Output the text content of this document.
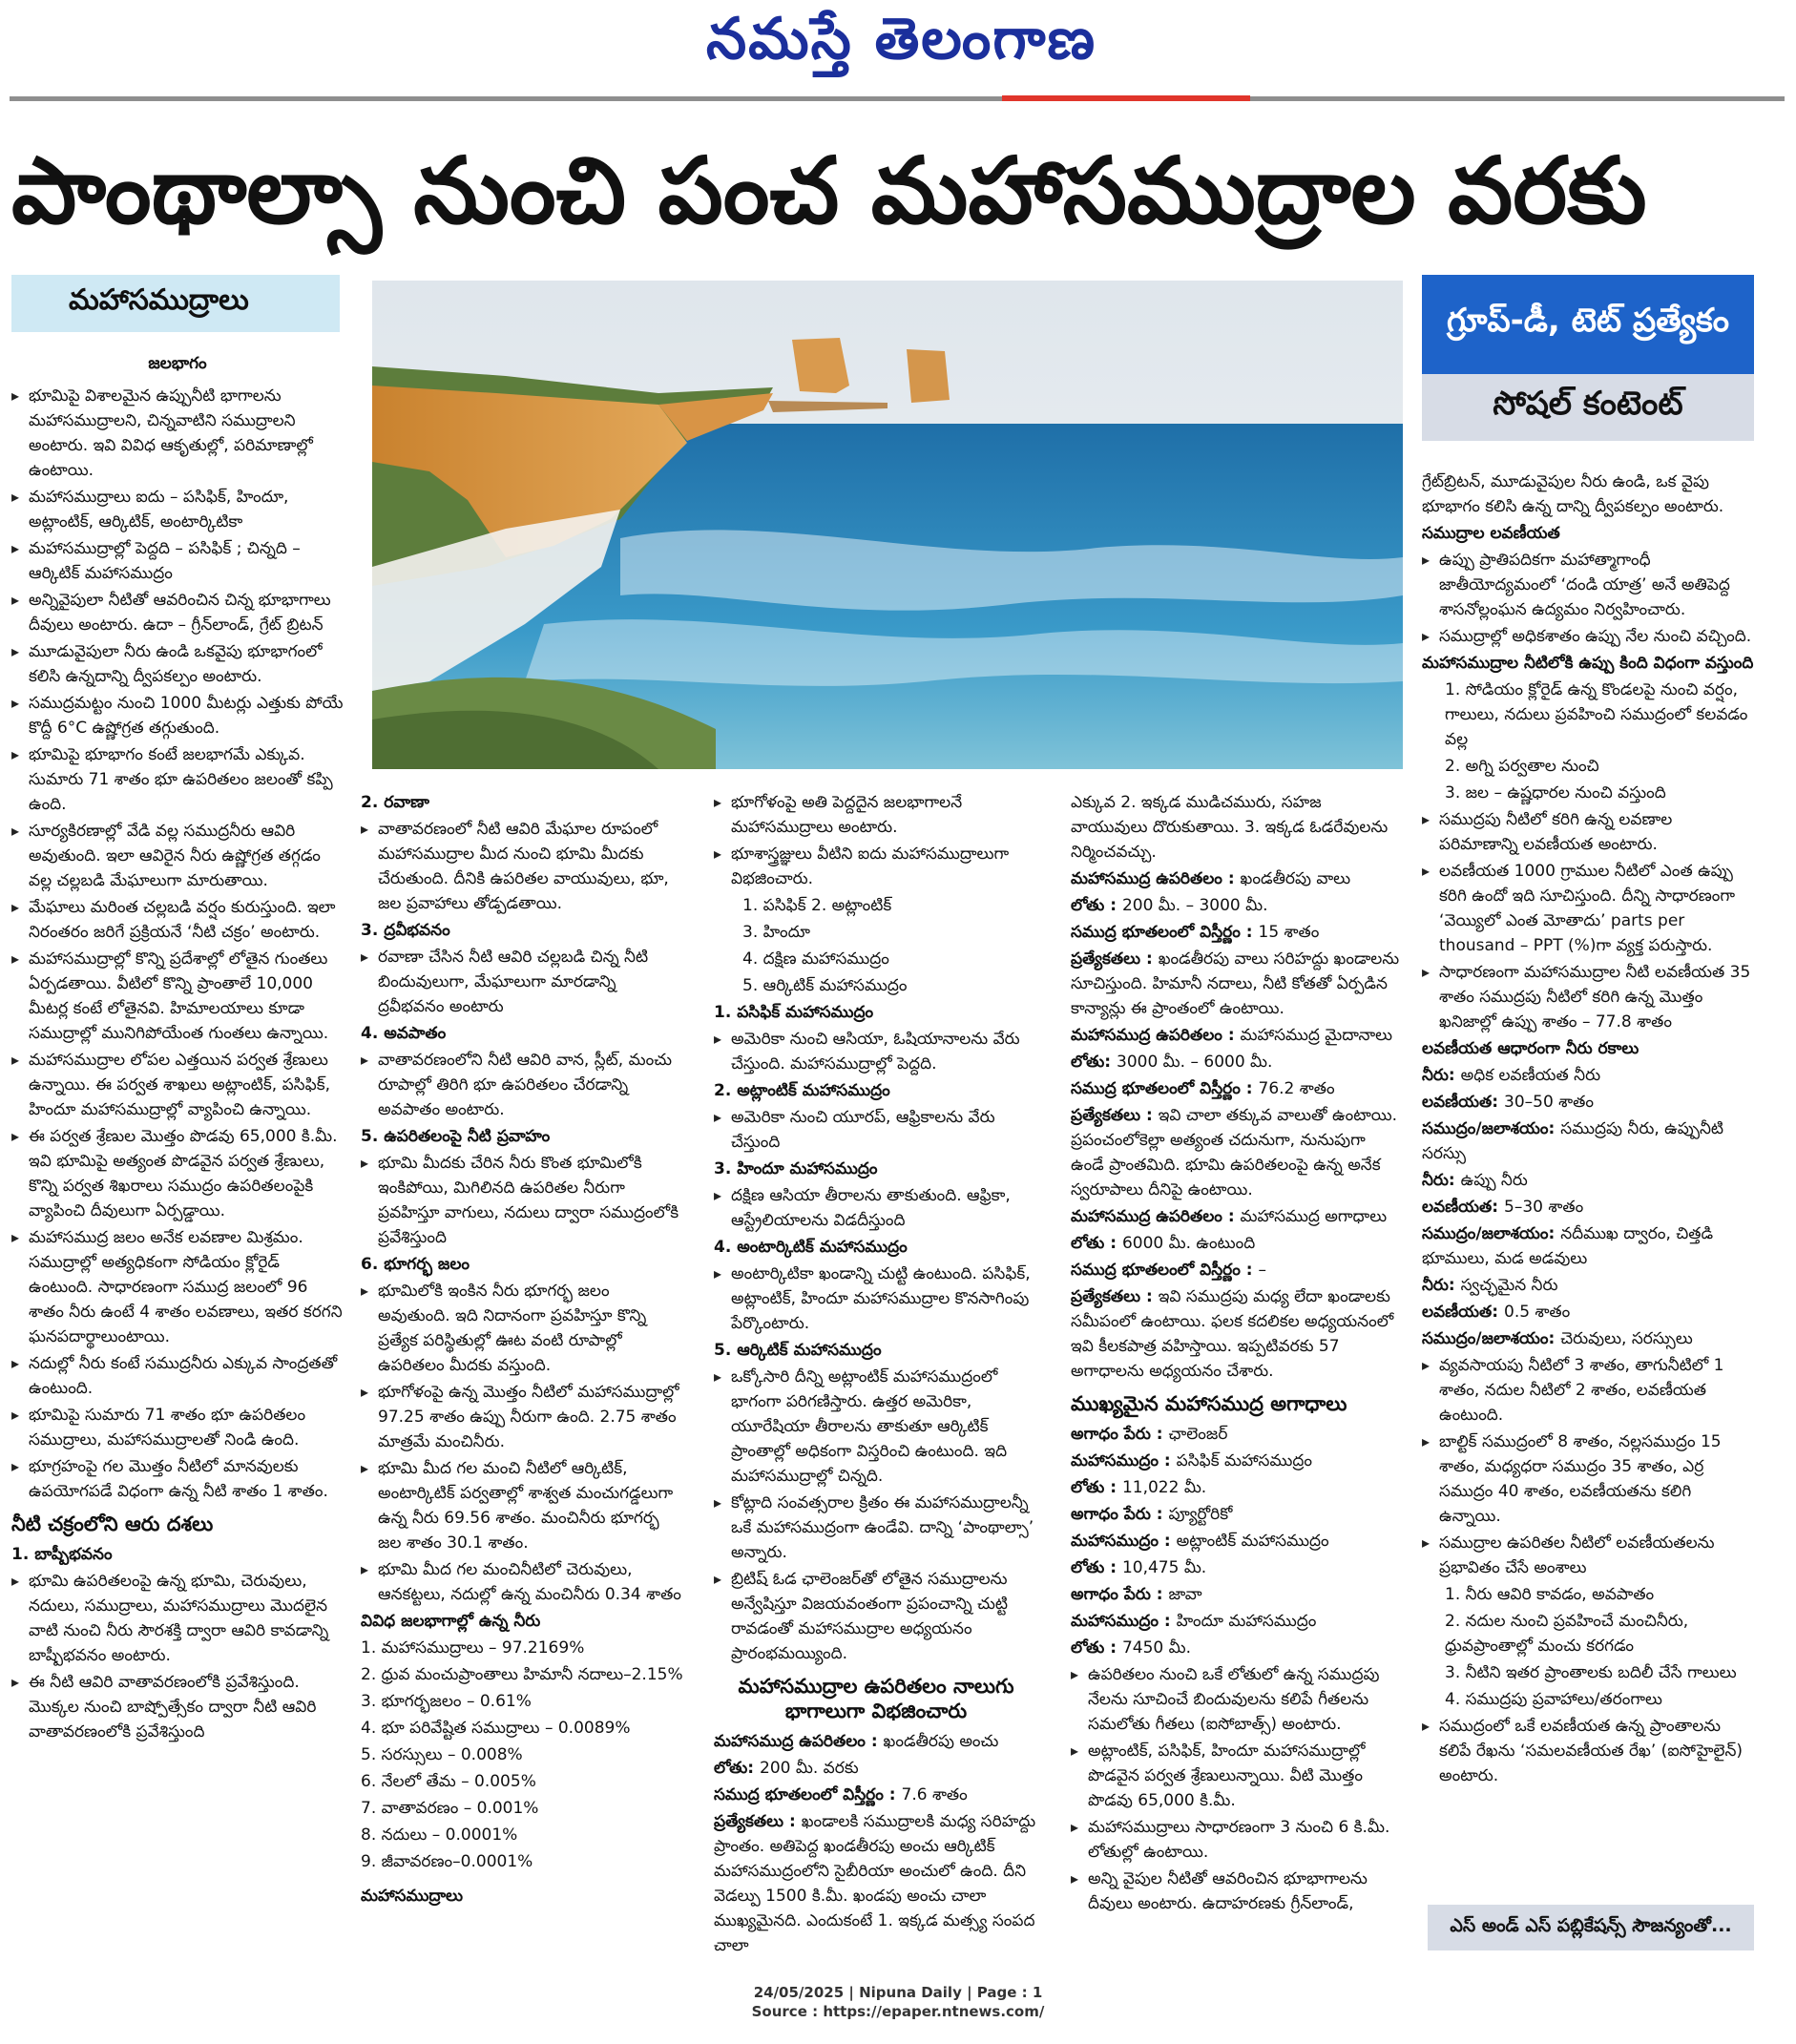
నమస్తే తెలంగాణ
పాంథాల్సా నుంచి పంచ మహాసముద్రాల వరకు
మహాసముద్రాలు
గ్రూప్-డీ, టెట్ ప్రత్యేకం
సోషల్ కంటెంట్

జలభాగం

▸ భూమిపై విశాలమైన ఉప్పునీటి భాగాలను మహాసముద్రాలని, చిన్నవాటిని సముద్రాలని అంటారు. ఇవి వివిధ ఆకృతుల్లో, పరిమాణాల్లో ఉంటాయి.

▸ మహాసముద్రాలు ఐదు – పసిఫిక్, హిందూ, అట్లాంటిక్, ఆర్కిటిక్, అంటార్కిటికా

▸ మహాసముద్రాల్లో పెద్దది – పసిఫిక్ ; చిన్నది – ఆర్కిటిక్ మహాసముద్రం

▸ అన్నివైపులా నీటితో ఆవరించిన చిన్న భూభాగాలు దీవులు అంటారు. ఉదా – గ్రీన్‌లాండ్, గ్రేట్ బ్రిటన్

▸ మూడువైపులా నీరు ఉండి ఒకవైపు భూభాగంలో కలిసి ఉన్నదాన్ని ద్వీపకల్పం అంటారు.

▸ సముద్రమట్టం నుంచి 1000 మీటర్లు ఎత్తుకు పోయే కొద్దీ 6°C ఉష్ణోగ్రత తగ్గుతుంది.

▸ భూమిపై భూభాగం కంటే జలభాగమే ఎక్కువ. సుమారు 71 శాతం భూ ఉపరితలం జలంతో కప్పి ఉంది.

▸ సూర్యకిరణాల్లో వేడి వల్ల సముద్రనీరు ఆవిరి అవుతుంది. ఇలా ఆవిరైన నీరు ఉష్ణోగ్రత తగ్గడం వల్ల చల్లబడి మేఘాలుగా మారుతాయి.

▸ మేఘాలు మరింత చల్లబడి వర్షం కురుస్తుంది. ఇలా నిరంతరం జరిగే ప్రక్రియనే ‘నీటి చక్రం’ అంటారు.

▸ మహాసముద్రాల్లో కొన్ని ప్రదేశాల్లో లోతైన గుంతలు ఏర్పడతాయి. వీటిలో కొన్ని ప్రాంతాలే 10,000 మీటర్ల కంటే లోతైనవి. హిమాలయాలు కూడా సముద్రాల్లో మునిగిపోయేంత గుంతలు ఉన్నాయి.

▸ మహాసముద్రాల లోపల ఎత్తయిన పర్వత శ్రేణులు ఉన్నాయి. ఈ పర్వత శాఖలు అట్లాంటిక్, పసిఫిక్, హిందూ మహాసముద్రాల్లో వ్యాపించి ఉన్నాయి.

▸ ఈ పర్వత శ్రేణుల మొత్తం పొడవు 65,000 కి.మీ. ఇవి భూమిపై అత్యంత పొడవైన పర్వత శ్రేణులు, కొన్ని పర్వత శిఖరాలు సముద్రం ఉపరితలంపైకి వ్యాపించి దీవులుగా ఏర్పడ్డాయి.

▸ మహాసముద్ర జలం అనేక లవణాల మిశ్రమం. సముద్రాల్లో అత్యధికంగా సోడియం క్లోరైడ్ ఉంటుంది. సాధారణంగా సముద్ర జలంలో 96 శాతం నీరు ఉంటే 4 శాతం లవణాలు, ఇతర కరగని ఘనపదార్థాలుంటాయి.

▸ నదుల్లో నీరు కంటే సముద్రనీరు ఎక్కువ సాంద్రతతో ఉంటుంది.

▸ భూమిపై సుమారు 71 శాతం భూ ఉపరితలం సముద్రాలు, మహాసముద్రాలతో నిండి ఉంది.

▸ భూగ్రహంపై గల మొత్తం నీటిలో మానవులకు ఉపయోగపడే విధంగా ఉన్న నీటి శాతం 1 శాతం.

నీటి చక్రంలోని ఆరు దశలు

1. బాష్పీభవనం

▸ భూమి ఉపరితలంపై ఉన్న భూమి, చెరువులు, నదులు, సముద్రాలు, మహాసముద్రాలు మొదలైన వాటి నుంచి నీరు సౌరశక్తి ద్వారా ఆవిరి కావడాన్ని బాష్పీభవనం అంటారు.

▸ ఈ నీటి ఆవిరి వాతావరణంలోకి ప్రవేశిస్తుంది. మొక్కల నుంచి బాష్పోత్సేకం ద్వారా నీటి ఆవిరి వాతావరణంలోకి ప్రవేశిస్తుంది

2. రవాణా

▸ వాతావరణంలో నీటి ఆవిరి మేఘాల రూపంలో మహాసముద్రాల మీద నుంచి భూమి మీదకు చేరుతుంది. దీనికి ఉపరితల వాయువులు, భూ, జల ప్రవాహాలు తోడ్పడతాయి.

3. ద్రవీభవనం

▸ రవాణా చేసిన నీటి ఆవిరి చల్లబడి చిన్న నీటి బిందువులుగా, మేఘాలుగా మారడాన్ని ద్రవీభవనం అంటారు

4. అవపాతం

▸ వాతావరణంలోని నీటి ఆవిరి వాన, స్లీట్, మంచు రూపాల్లో తిరిగి భూ ఉపరితలం చేరడాన్ని అవపాతం అంటారు.

5. ఉపరితలంపై నీటి ప్రవాహం

▸ భూమి మీదకు చేరిన నీరు కొంత భూమిలోకి ఇంకిపోయి, మిగిలినది ఉపరితల నీరుగా ప్రవహిస్తూ వాగులు, నదులు ద్వారా సముద్రంలోకి ప్రవేశిస్తుంది

6. భూగర్భ జలం

▸ భూమిలోకి ఇంకిన నీరు భూగర్భ జలం అవుతుంది. ఇది నిదానంగా ప్రవహిస్తూ కొన్ని ప్రత్యేక పరిస్థితుల్లో ఊట వంటి రూపాల్లో ఉపరితలం మీదకు వస్తుంది.

▸ భూగోళంపై ఉన్న మొత్తం నీటిలో మహాసముద్రాల్లో 97.25 శాతం ఉప్పు నీరుగా ఉంది. 2.75 శాతం మాత్రమే మంచినీరు.

▸ భూమి మీద గల మంచి నీటిలో ఆర్కిటిక్, అంటార్కిటిక్ పర్వతాల్లో శాశ్వత మంచుగడ్డలుగా ఉన్న నీరు 69.56 శాతం. మంచినీరు భూగర్భ జల శాతం 30.1 శాతం.

▸ భూమి మీద గల మంచినీటిలో చెరువులు, ఆనకట్టలు, నదుల్లో ఉన్న మంచినీరు 0.34 శాతం

వివిధ జలభాగాల్లో ఉన్న నీరు

1. మహాసముద్రాలు – 97.2169%

2. ధ్రువ మంచుప్రాంతాలు హిమానీ నదాలు–2.15%

3. భూగర్భజలం – 0.61%

4. భూ పరివేష్టిత సముద్రాలు – 0.0089%

5. సరస్సులు – 0.008%

6. నేలలో తేమ – 0.005%

7. వాతావరణం – 0.001%

8. నదులు – 0.0001%

9. జీవావరణం–0.0001%

మహాసముద్రాలు

▸ భూగోళంపై అతి పెద్దదైన జలభాగాలనే మహాసముద్రాలు అంటారు.

▸ భూశాస్త్రజ్ఞులు వీటిని ఐదు మహాసముద్రాలుగా విభజించారు.

1. పసిఫిక్ 2. అట్లాంటిక్

3. హిందూ

4. దక్షిణ మహాసముద్రం

5. ఆర్కిటిక్ మహాసముద్రం

1. పసిఫిక్ మహాసముద్రం

▸ అమెరికా నుంచి ఆసియా, ఓషియానాలను వేరు చేస్తుంది. మహాసముద్రాల్లో పెద్దది.

2. అట్లాంటిక్ మహాసముద్రం

▸ అమెరికా నుంచి యూరప్, ఆఫ్రికాలను వేరు చేస్తుంది

3. హిందూ మహాసముద్రం

▸ దక్షిణ ఆసియా తీరాలను తాకుతుంది. ఆఫ్రికా, ఆస్ట్రేలియాలను విడదీస్తుంది

4. అంటార్కిటిక్ మహాసముద్రం

▸ అంటార్కిటికా ఖండాన్ని చుట్టి ఉంటుంది. పసిఫిక్, అట్లాంటిక్, హిందూ మహాసముద్రాల కొనసాగింపు పేర్కొంటారు.

5. ఆర్కిటిక్ మహాసముద్రం

▸ ఒక్కోసారి దీన్ని అట్లాంటిక్ మహాసముద్రంలో భాగంగా పరిగణిస్తారు. ఉత్తర అమెరికా, యూరేషియా తీరాలను తాకుతూ ఆర్కిటిక్ ప్రాంతాల్లో అధికంగా విస్తరించి ఉంటుంది. ఇది మహాసముద్రాల్లో చిన్నది.

▸ కోట్లాది సంవత్సరాల క్రితం ఈ మహాసముద్రాలన్నీ ఒకే మహాసముద్రంగా ఉండేవి. దాన్ని ‘పాంథాల్సా’ అన్నారు.

▸ బ్రిటిష్ ఓడ ఛాలెంజర్‌తో లోతైన సముద్రాలను అన్వేషిస్తూ విజయవంతంగా ప్రపంచాన్ని చుట్టి రావడంతో మహాసముద్రాల అధ్యయనం ప్రారంభమయ్యింది.

మహాసముద్రాల ఉపరితలం నాలుగు భాగాలుగా విభజించారు

మహాసముద్ర ఉపరితలం : ఖండతీరపు అంచు

లోతు: 200 మీ. వరకు

సముద్ర భూతలంలో విస్తీర్ణం : 7.6 శాతం

ప్రత్యేకతలు : ఖండాలకి సముద్రాలకి మధ్య సరిహద్దు ప్రాంతం. అతిపెద్ద ఖండతీరపు అంచు ఆర్కిటిక్ మహాసముద్రంలోని సైబీరియా అంచులో ఉంది. దీని వెడల్పు 1500 కి.మీ. ఖండపు అంచు చాలా ముఖ్యమైనది. ఎందుకంటే 1. ఇక్కడ మత్స్య సంపద చాలా

ఎక్కువ 2. ఇక్కడ ముడిచమురు, సహజ వాయువులు దొరుకుతాయి. 3. ఇక్కడ ఓడరేవులను నిర్మించవచ్చు.

మహాసముద్ర ఉపరితలం : ఖండతీరపు వాలు

లోతు : 200 మీ. – 3000 మీ.

సముద్ర భూతలంలో విస్తీర్ణం : 15 శాతం

ప్రత్యేకతలు : ఖండతీరపు వాలు సరిహద్దు ఖండాలను సూచిస్తుంది. హిమానీ నదాలు, నీటి కోతతో ఏర్పడిన కాన్యాన్లు ఈ ప్రాంతంలో ఉంటాయి.

మహాసముద్ర ఉపరితలం : మహాసముద్ర మైదానాలు

లోతు: 3000 మీ. – 6000 మీ.

సముద్ర భూతలంలో విస్తీర్ణం : 76.2 శాతం

ప్రత్యేకతలు : ఇవి చాలా తక్కువ వాలుతో ఉంటాయి. ప్రపంచంలోకెల్లా అత్యంత చదునుగా, నునుపుగా ఉండే ప్రాంతమిది. భూమి ఉపరితలంపై ఉన్న అనేక స్వరూపాలు దీనిపై ఉంటాయి.

మహాసముద్ర ఉపరితలం : మహాసముద్ర అగాధాలు

లోతు : 6000 మీ. ఉంటుంది

సముద్ర భూతలంలో విస్తీర్ణం : –

ప్రత్యేకతలు : ఇవి సముద్రపు మధ్య లేదా ఖండాలకు సమీపంలో ఉంటాయి. ఫలక కదలికల అధ్యయనంలో ఇవి కీలకపాత్ర వహిస్తాయి. ఇప్పటివరకు 57 అగాధాలను అధ్యయనం చేశారు.

ముఖ్యమైన మహాసముద్ర అగాధాలు

అగాధం పేరు : ఛాలెంజర్

మహాసముద్రం : పసిఫిక్ మహాసముద్రం

లోతు : 11,022 మీ.

అగాధం పేరు : ప్యూర్టోరికో

మహాసముద్రం : అట్లాంటిక్ మహాసముద్రం

లోతు : 10,475 మీ.

అగాధం పేరు : జావా

మహాసముద్రం : హిందూ మహాసముద్రం

లోతు : 7450 మీ.

▸ ఉపరితలం నుంచి ఒకే లోతులో ఉన్న సముద్రపు నేలను సూచించే బిందువులను కలిపే గీతలను సమలోతు గీతలు (ఐసోబాత్స్) అంటారు.

▸ అట్లాంటిక్, పసిఫిక్, హిందూ మహాసముద్రాల్లో పొడవైన పర్వత శ్రేణులున్నాయి. వీటి మొత్తం పొడవు 65,000 కి.మీ.

▸ మహాసముద్రాలు సాధారణంగా 3 నుంచి 6 కి.మీ. లోతుల్లో ఉంటాయి.

▸ అన్ని వైపుల నీటితో ఆవరించిన భూభాగాలను దీవులు అంటారు. ఉదాహరణకు గ్రీన్‌లాండ్,

గ్రేట్‌బ్రిటన్, మూడువైపుల నీరు ఉండి, ఒక వైపు భూభాగం కలిసి ఉన్న దాన్ని ద్వీపకల్పం అంటారు.

సముద్రాల లవణీయత

▸ ఉప్పు ప్రాతిపదికగా మహాత్మాగాంధీ జాతీయోద్యమంలో ‘దండి యాత్ర’ అనే అతిపెద్ద శాసనోల్లంఘన ఉద్యమం నిర్వహించారు.

▸ సముద్రాల్లో అధికశాతం ఉప్పు నేల నుంచి వచ్చింది.

మహాసముద్రాల నీటిలోకి ఉప్పు కింది విధంగా వస్తుంది

1. సోడియం క్లోరైడ్ ఉన్న కొండలపై నుంచి వర్షం, గాలులు, నదులు ప్రవహించి సముద్రంలో కలవడం వల్ల

2. అగ్ని పర్వతాల నుంచి

3. జల – ఉష్ణధారల నుంచి వస్తుంది

▸ సముద్రపు నీటిలో కరిగి ఉన్న లవణాల పరిమాణాన్ని లవణీయత అంటారు.

▸ లవణీయత 1000 గ్రాముల నీటిలో ఎంత ఉప్పు కరిగి ఉందో ఇది సూచిస్తుంది. దీన్ని సాధారణంగా ‘వెయ్యిలో ఎంత మోతాదు’ parts per thousand – PPT (%)గా వ్యక్త పరుస్తారు.

▸ సాధారణంగా మహాసముద్రాల నీటి లవణీయత 35 శాతం సముద్రపు నీటిలో కరిగి ఉన్న మొత్తం ఖనిజాల్లో ఉప్పు శాతం – 77.8 శాతం

లవణీయత ఆధారంగా నీరు రకాలు

నీరు: అధిక లవణీయత నీరు

లవణీయత: 30–50 శాతం

సముద్రం/జలాశయం: సముద్రపు నీరు, ఉప్పునీటి సరస్సు

నీరు: ఉప్పు నీరు

లవణీయత: 5–30 శాతం

సముద్రం/జలాశయం: నదీముఖ ద్వారం, చిత్తడి భూములు, మడ అడవులు

నీరు: స్వచ్ఛమైన నీరు

లవణీయత: 0.5 శాతం

సముద్రం/జలాశయం: చెరువులు, సరస్సులు

▸ వ్యవసాయపు నీటిలో 3 శాతం, తాగునీటిలో 1 శాతం, నదుల నీటిలో 2 శాతం, లవణీయత ఉంటుంది.

▸ బాల్టిక్ సముద్రంలో 8 శాతం, నల్లసముద్రం 15 శాతం, మధ్యధరా సముద్రం 35 శాతం, ఎర్ర సముద్రం 40 శాతం, లవణీయతను కలిగి ఉన్నాయి.

▸ సముద్రాల ఉపరితల నీటిలో లవణీయతలను ప్రభావితం చేసే అంశాలు

1. నీరు ఆవిరి కావడం, అవపాతం

2. నదుల నుంచి ప్రవహించే మంచినీరు, ధ్రువప్రాంతాల్లో మంచు కరగడం

3. నీటిని ఇతర ప్రాంతాలకు బదిలీ చేసే గాలులు

4. సముద్రపు ప్రవాహాలు/తరంగాలు

▸ సముద్రంలో ఒకే లవణీయత ఉన్న ప్రాంతాలను కలిపే రేఖను ‘సమలవణీయత రేఖ’ (ఐసోహైలైన్) అంటారు.

ఎస్ అండ్ ఎస్ పబ్లికేషన్స్ సౌజన్యంతో...
24/05/2025 | Nipuna Daily | Page : 1
Source : https://epaper.ntnews.com/
